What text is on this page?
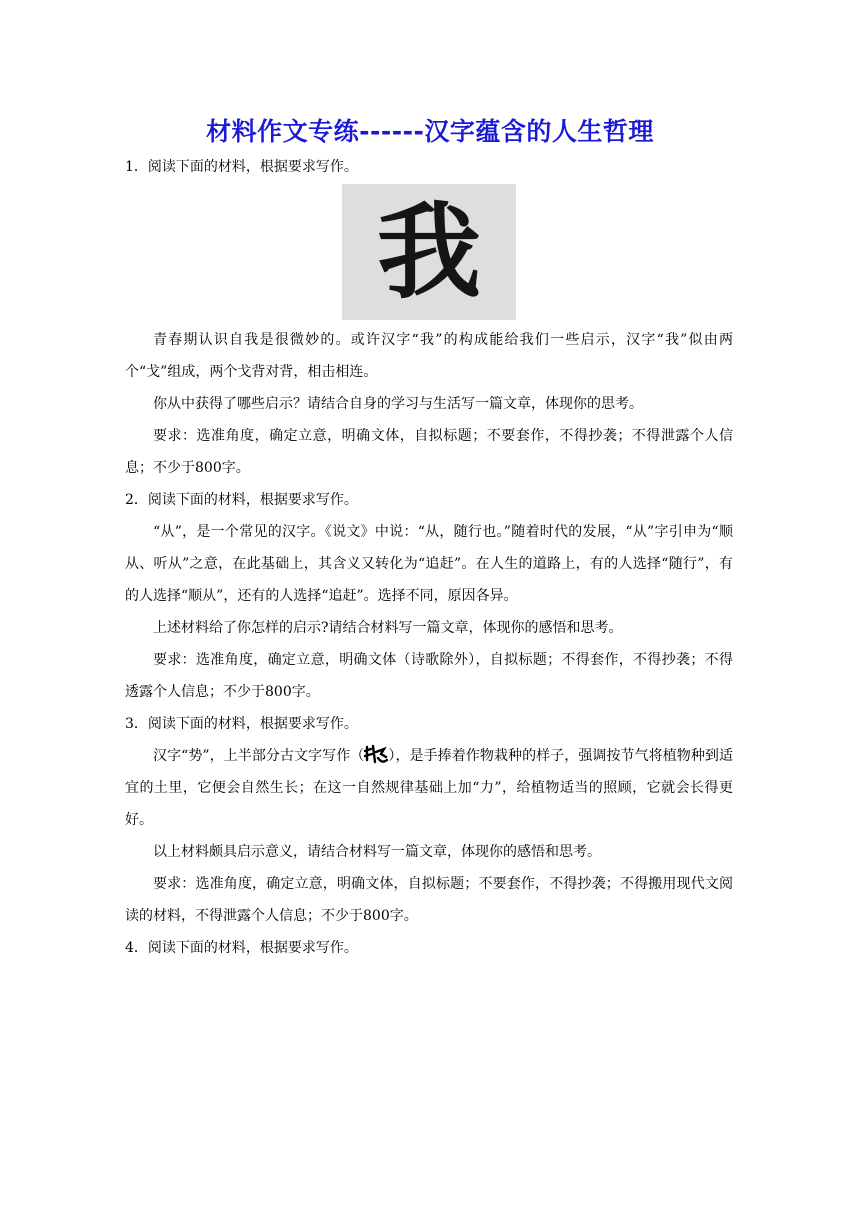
材料作文专练------汉字蕴含的人生哲理
1．阅读下面的材料，根据要求写作。
我
青春期认识自我是很微妙的。或许汉字“我”的构成能给我们一些启示，汉字“我”似由两个“戈”组成，两个戈背对背，相击相连。
你从中获得了哪些启示？请结合自身的学习与生活写一篇文章，体现你的思考。
要求：选准角度，确定立意，明确文体，自拟标题；不要套作，不得抄袭；不得泄露个人信息；不少于800字。
2．阅读下面的材料，根据要求写作。
“从”，是一个常见的汉字。《说文》中说：“从，随行也。”随着时代的发展，“从”字引申为“顺从、听从”之意，在此基础上，其含义又转化为“追赶”。在人生的道路上，有的人选择“随行”，有的人选择“顺从”，还有的人选择“追赶”。选择不同，原因各异。
上述材料给了你怎样的启示?请结合材料写一篇文章，体现你的感悟和思考。
要求：选准角度，确定立意，明确文体（诗歌除外），自拟标题；不得套作，不得抄袭；不得透露个人信息；不少于800字。
3．阅读下面的材料，根据要求写作。
汉字“势”，上半部分古文字写作（ ），是手捧着作物栽种的样子，强调按节气将植物种到适宜的土里，它便会自然生长；在这一自然规律基础上加“力”，给植物适当的照顾，它就会长得更好。
以上材料颇具启示意义，请结合材料写一篇文章，体现你的感悟和思考。
要求：选准角度，确定立意，明确文体，自拟标题；不要套作，不得抄袭；不得搬用现代文阅读的材料，不得泄露个人信息；不少于800字。
4．阅读下面的材料，根据要求写作。
